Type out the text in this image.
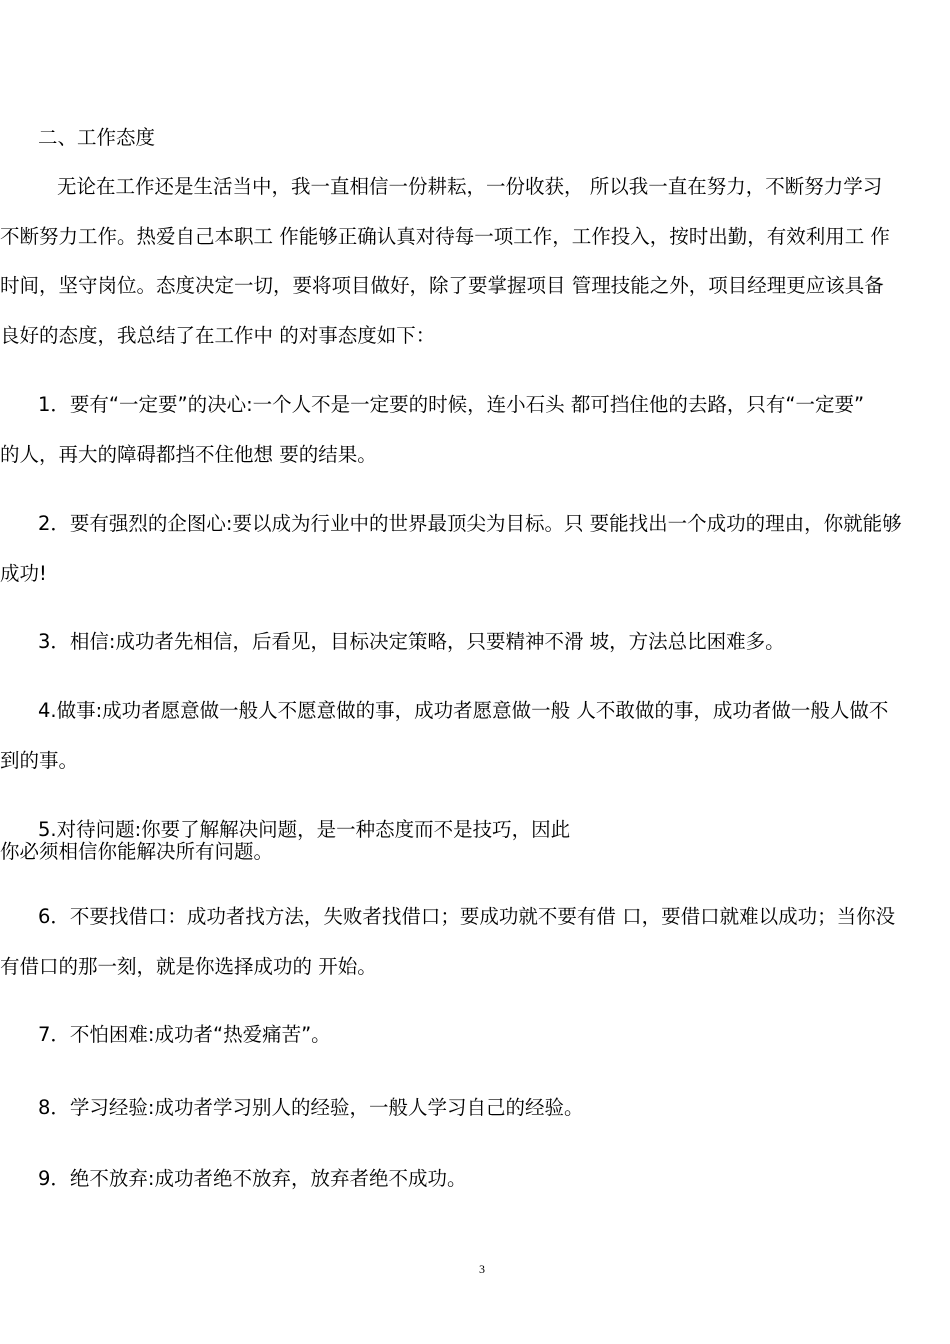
二、工作态度
无论在工作还是生活当中，我一直相信一份耕耘，一份收获， 所以我一直在努力，不断努力学习
不断努力工作。热爱自己本职工 作能够正确认真对待每一项工作，工作投入，按时出勤，有效利用工 作
时间，坚守岗位。态度决定一切，要将项目做好，除了要掌握项目 管理技能之外，项目经理更应该具备
良好的态度，我总结了在工作中 的对事态度如下：
1．要有“一定要”的决心:一个人不是一定要的时候，连小石头 都可挡住他的去路，只有“一定要”
的人，再大的障碍都挡不住他想 要的结果。
2．要有强烈的企图心:要以成为行业中的世界最顶尖为目标。只 要能找出一个成功的理由，你就能够
成功!
3．相信:成功者先相信，后看见，目标决定策略，只要精神不滑 坡，方法总比困难多。
4.做事:成功者愿意做一般人不愿意做的事，成功者愿意做一般 人不敢做的事，成功者做一般人做不
到的事。
5.对待问题:你要了解解决问题，是一种态度而不是技巧，因此
你必须相信你能解决所有问题。
6．不要找借口：成功者找方法，失败者找借口；要成功就不要有借 口，要借口就难以成功；当你没
有借口的那一刻，就是你选择成功的 开始。
7．不怕困难:成功者“热爱痛苦”。
8．学习经验:成功者学习别人的经验，一般人学习自己的经验。
9．绝不放弃:成功者绝不放弃，放弃者绝不成功。
3
